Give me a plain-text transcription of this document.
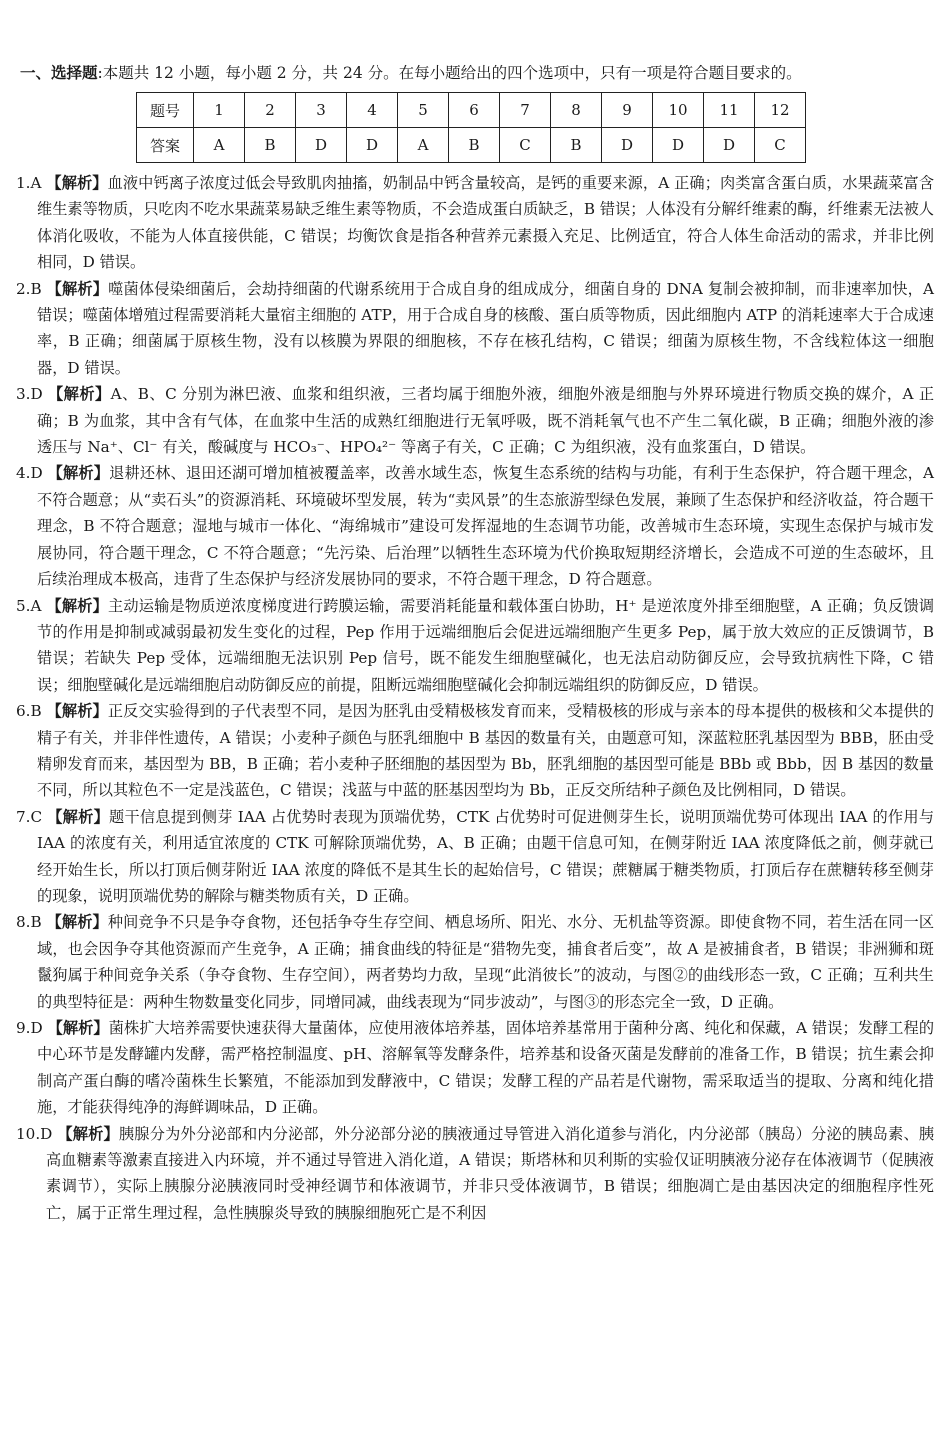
一、选择题:本题共 12 小题，每小题 2 分，共 24 分。在每小题给出的四个选项中，只有一项是符合题目要求的。
题号	1	2	3	4	5	6	7	8	9	10	11	12
答案	A	B	D	D	A	B	C	B	D	D	D	C

1.A 【解析】血液中钙离子浓度过低会导致肌肉抽搐，奶制品中钙含量较高，是钙的重要来源，A 正确；肉类富含蛋白质，水果蔬菜富含维生素等物质，只吃肉不吃水果蔬菜易缺乏维生素等物质，不会造成蛋白质缺乏，B 错误；人体没有分解纤维素的酶，纤维素无法被人体消化吸收，不能为人体直接供能，C 错误；均衡饮食是指各种营养元素摄入充足、比例适宜，符合人体生命活动的需求，并非比例相同，D 错误。

2.B 【解析】噬菌体侵染细菌后，会劫持细菌的代谢系统用于合成自身的组成成分，细菌自身的 DNA 复制会被抑制，而非速率加快，A 错误；噬菌体增殖过程需要消耗大量宿主细胞的 ATP，用于合成自身的核酸、蛋白质等物质，因此细胞内 ATP 的消耗速率大于合成速率，B 正确；细菌属于原核生物，没有以核膜为界限的细胞核，不存在核孔结构，C 错误；细菌为原核生物，不含线粒体这一细胞器，D 错误。

3.D 【解析】A、B、C 分别为淋巴液、血浆和组织液，三者均属于细胞外液，细胞外液是细胞与外界环境进行物质交换的媒介，A 正确；B 为血浆，其中含有气体，在血浆中生活的成熟红细胞进行无氧呼吸，既不消耗氧气也不产生二氧化碳，B 正确；细胞外液的渗透压与 Na⁺、Cl⁻ 有关，酸碱度与 HCO₃⁻、HPO₄²⁻ 等离子有关，C 正确；C 为组织液，没有血浆蛋白，D 错误。

4.D 【解析】退耕还林、退田还湖可增加植被覆盖率，改善水域生态，恢复生态系统的结构与功能，有利于生态保护，符合题干理念，A 不符合题意；从“卖石头”的资源消耗、环境破坏型发展，转为“卖风景”的生态旅游型绿色发展，兼顾了生态保护和经济收益，符合题干理念，B 不符合题意；湿地与城市一体化、“海绵城市”建设可发挥湿地的生态调节功能，改善城市生态环境，实现生态保护与城市发展协同，符合题干理念，C 不符合题意；“先污染、后治理”以牺牲生态环境为代价换取短期经济增长，会造成不可逆的生态破坏，且后续治理成本极高，违背了生态保护与经济发展协同的要求，不符合题干理念，D 符合题意。

5.A 【解析】主动运输是物质逆浓度梯度进行跨膜运输，需要消耗能量和载体蛋白协助，H⁺ 是逆浓度外排至细胞壁，A 正确；负反馈调节的作用是抑制或减弱最初发生变化的过程，Pep 作用于远端细胞后会促进远端细胞产生更多 Pep，属于放大效应的正反馈调节，B 错误；若缺失 Pep 受体，远端细胞无法识别 Pep 信号，既不能发生细胞壁碱化，也无法启动防御反应，会导致抗病性下降，C 错误；细胞壁碱化是远端细胞启动防御反应的前提，阻断远端细胞壁碱化会抑制远端组织的防御反应，D 错误。

6.B 【解析】正反交实验得到的子代表型不同，是因为胚乳由受精极核发育而来，受精极核的形成与亲本的母本提供的极核和父本提供的精子有关，并非伴性遗传，A 错误；小麦种子颜色与胚乳细胞中 B 基因的数量有关，由题意可知，深蓝粒胚乳基因型为 BBB，胚由受精卵发育而来，基因型为 BB，B 正确；若小麦种子胚细胞的基因型为 Bb，胚乳细胞的基因型可能是 BBb 或 Bbb，因 B 基因的数量不同，所以其粒色不一定是浅蓝色，C 错误；浅蓝与中蓝的胚基因型均为 Bb，正反交所结种子颜色及比例相同，D 错误。

7.C 【解析】题干信息提到侧芽 IAA 占优势时表现为顶端优势，CTK 占优势时可促进侧芽生长，说明顶端优势可体现出 IAA 的作用与 IAA 的浓度有关，利用适宜浓度的 CTK 可解除顶端优势，A、B 正确；由题干信息可知，在侧芽附近 IAA 浓度降低之前，侧芽就已经开始生长，所以打顶后侧芽附近 IAA 浓度的降低不是其生长的起始信号，C 错误；蔗糖属于糖类物质，打顶后存在蔗糖转移至侧芽的现象，说明顶端优势的解除与糖类物质有关，D 正确。

8.B 【解析】种间竞争不只是争夺食物，还包括争夺生存空间、栖息场所、阳光、水分、无机盐等资源。即使食物不同，若生活在同一区域，也会因争夺其他资源而产生竞争，A 正确；捕食曲线的特征是“猎物先变，捕食者后变”，故 A 是被捕食者，B 错误；非洲狮和斑鬣狗属于种间竞争关系（争夺食物、生存空间），两者势均力敌，呈现“此消彼长”的波动，与图②的曲线形态一致，C 正确；互利共生的典型特征是：两种生物数量变化同步，同增同减，曲线表现为“同步波动”，与图③的形态完全一致，D 正确。

9.D 【解析】菌株扩大培养需要快速获得大量菌体，应使用液体培养基，固体培养基常用于菌种分离、纯化和保藏，A 错误；发酵工程的中心环节是发酵罐内发酵，需严格控制温度、pH、溶解氧等发酵条件，培养基和设备灭菌是发酵前的准备工作，B 错误；抗生素会抑制高产蛋白酶的嗜冷菌株生长繁殖，不能添加到发酵液中，C 错误；发酵工程的产品若是代谢物，需采取适当的提取、分离和纯化措施，才能获得纯净的海鲜调味品，D 正确。

10.D 【解析】胰腺分为外分泌部和内分泌部，外分泌部分泌的胰液通过导管进入消化道参与消化，内分泌部（胰岛）分泌的胰岛素、胰高血糖素等激素直接进入内环境，并不通过导管进入消化道，A 错误；斯塔林和贝利斯的实验仅证明胰液分泌存在体液调节（促胰液素调节），实际上胰腺分泌胰液同时受神经调节和体液调节，并非只受体液调节，B 错误；细胞凋亡是由基因决定的细胞程序性死亡，属于正常生理过程，急性胰腺炎导致的胰腺细胞死亡是不利因
